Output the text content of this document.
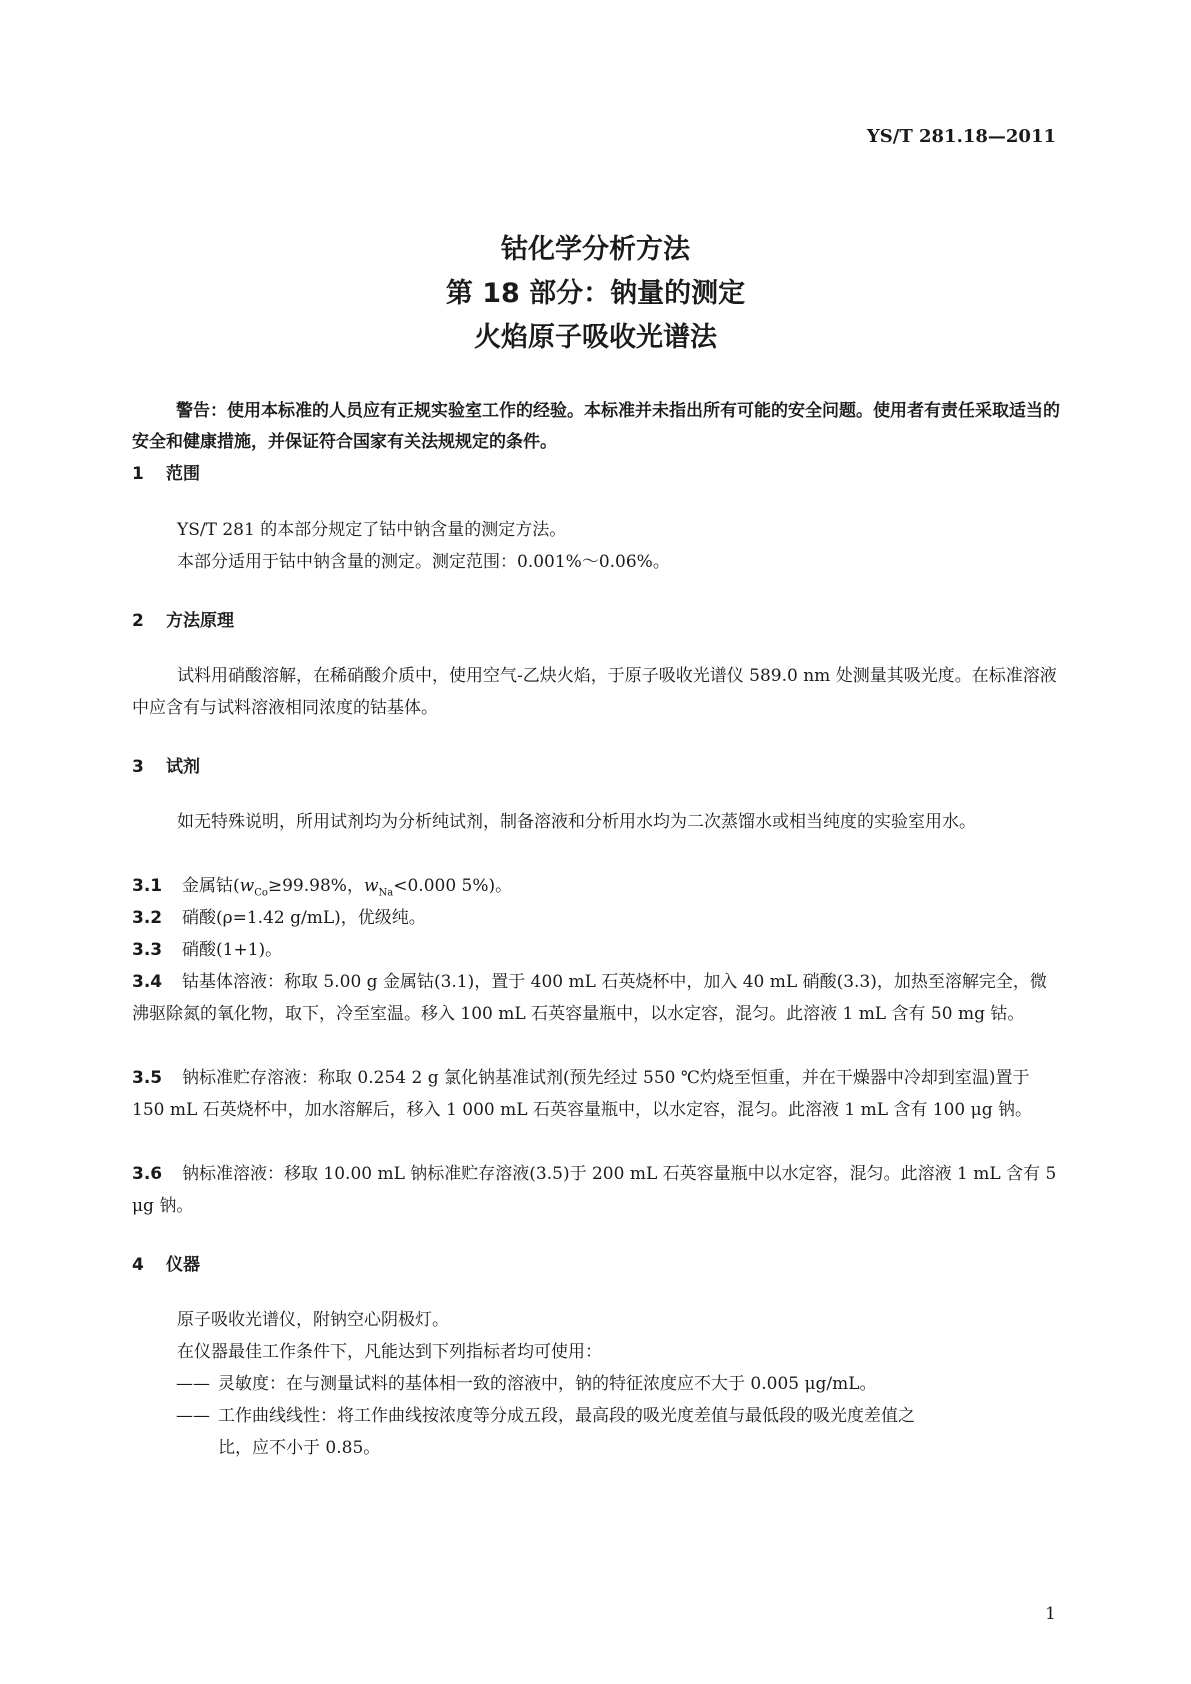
YS/T 281.18—2011
钴化学分析方法
第 18 部分：钠量的测定
火焰原子吸收光谱法
警告：使用本标准的人员应有正规实验室工作的经验。本标准并未指出所有可能的安全问题。使用者有责任采取适当的安全和健康措施，并保证符合国家有关法规规定的条件。
1 范围
YS/T 281 的本部分规定了钴中钠含量的测定方法。
本部分适用于钴中钠含量的测定。测定范围：0.001%～0.06%。
2 方法原理
试料用硝酸溶解，在稀硝酸介质中，使用空气-乙炔火焰，于原子吸收光谱仪 589.0 nm 处测量其吸光度。在标准溶液中应含有与试料溶液相同浓度的钴基体。
3 试剂
如无特殊说明，所用试剂均为分析纯试剂，制备溶液和分析用水均为二次蒸馏水或相当纯度的实验室用水。
3.1 金属钴($w_{Co}\ge 99.98\%$，$w_{Na}<0.000$ 5%)。
3.2 硝酸(ρ=1.42 g/mL)，优级纯。
3.3 硝酸(1+1)。
3.4 钴基体溶液：称取 5.00 g 金属钴(3.1)，置于 400 mL 石英烧杯中，加入 40 mL 硝酸(3.3)，加热至溶解完全，微沸驱除氮的氧化物，取下，冷至室温。移入 100 mL 石英容量瓶中，以水定容，混匀。此溶液 1 mL 含有 50 mg 钴。
3.5 钠标准贮存溶液：称取 0.254 2 g 氯化钠基准试剂(预先经过 550 ℃灼烧至恒重，并在干燥器中冷却到室温)置于 150 mL 石英烧杯中，加水溶解后，移入 1 000 mL 石英容量瓶中，以水定容，混匀。此溶液 1 mL 含有 100 μg 钠。
3.6 钠标准溶液：移取 10.00 mL 钠标准贮存溶液(3.5)于 200 mL 石英容量瓶中以水定容，混匀。此溶液 1 mL 含有 5 μg 钠。
4 仪器
原子吸收光谱仪，附钠空心阴极灯。
在仪器最佳工作条件下，凡能达到下列指标者均可使用：
—— 灵敏度：在与测量试料的基体相一致的溶液中，钠的特征浓度应不大于 0.005 μg/mL。
—— 工作曲线线性：将工作曲线按浓度等分成五段，最高段的吸光度差值与最低段的吸光度差值之
比，应不小于 0.85。
1
